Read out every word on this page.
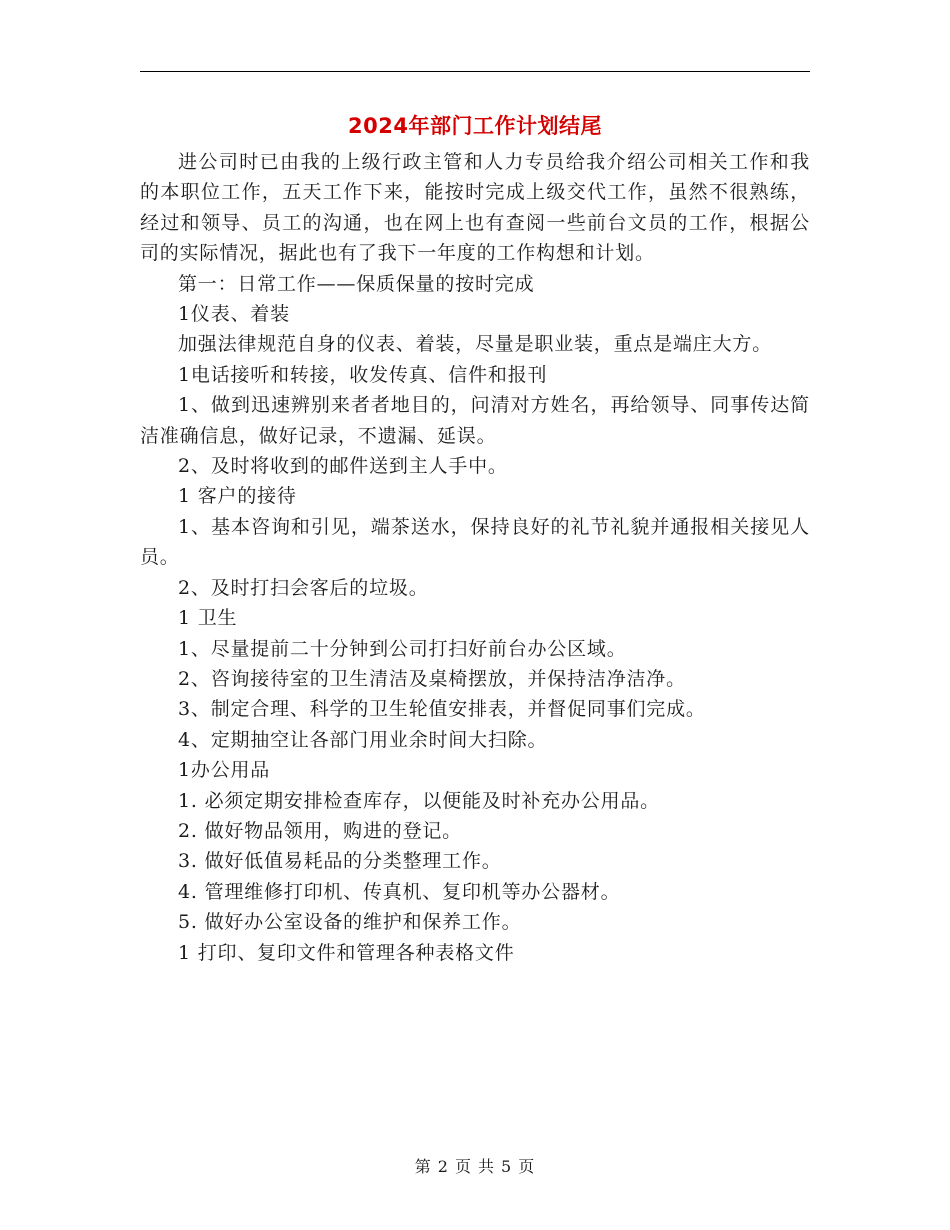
2024年部门工作计划结尾

进公司时已由我的上级行政主管和人力专员给我介绍公司相关工作和我的本职位工作，五天工作下来，能按时完成上级交代工作，虽然不很熟练，经过和领导、员工的沟通，也在网上也有查阅一些前台文员的工作，根据公司的实际情况，据此也有了我下一年度的工作构想和计划。

第一：日常工作——保质保量的按时完成

1仪表、着装

加强法律规范自身的仪表、着装，尽量是职业装，重点是端庄大方。

1电话接听和转接，收发传真、信件和报刊

1、做到迅速辨别来者者地目的，问清对方姓名，再给领导、同事传达简洁准确信息，做好记录，不遗漏、延误。

2、及时将收到的邮件送到主人手中。

1 客户的接待

1、基本咨询和引见，端茶送水，保持良好的礼节礼貌并通报相关接见人员。

2、及时打扫会客后的垃圾。

1 卫生

1、尽量提前二十分钟到公司打扫好前台办公区域。

2、咨询接待室的卫生清洁及桌椅摆放，并保持洁净洁净。

3、制定合理、科学的卫生轮值安排表，并督促同事们完成。

4、定期抽空让各部门用业余时间大扫除。

1办公用品

1. 必须定期安排检查库存，以便能及时补充办公用品。

2. 做好物品领用，购进的登记。

3. 做好低值易耗品的分类整理工作。

4. 管理维修打印机、传真机、复印机等办公器材。

5. 做好办公室设备的维护和保养工作。

1 打印、复印文件和管理各种表格文件

第 2 页 共 5 页
